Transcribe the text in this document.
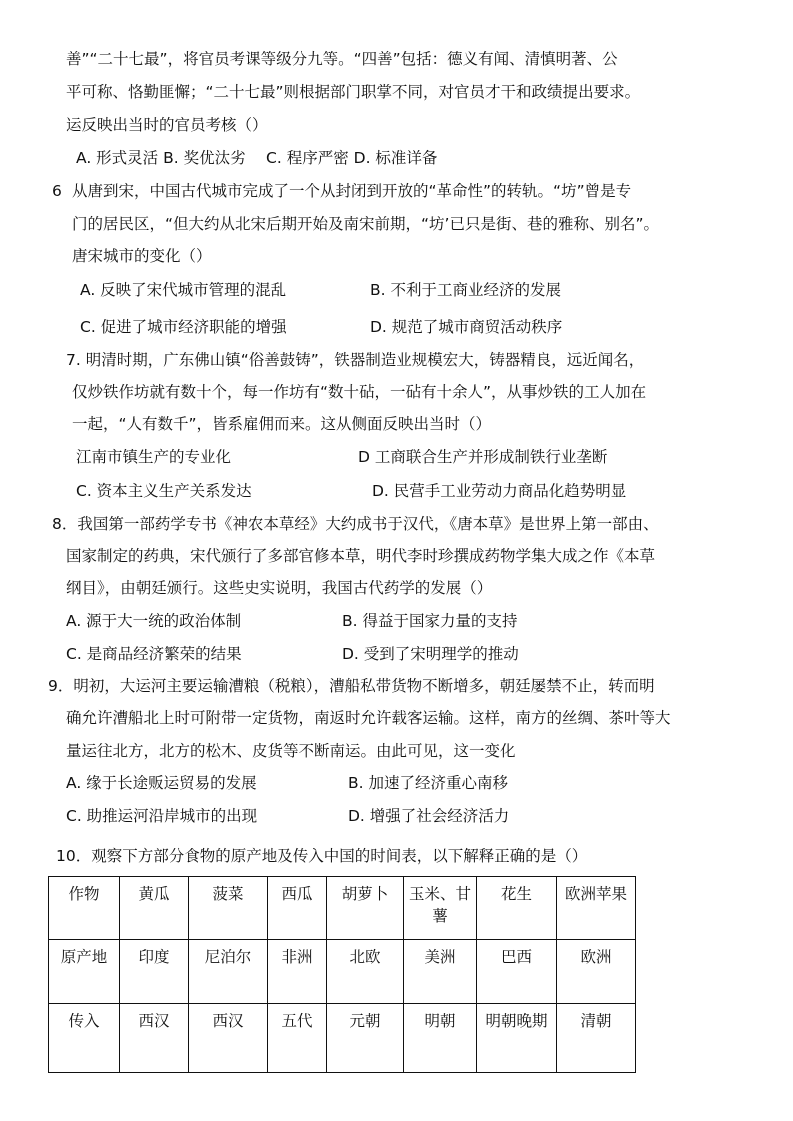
善”“二十七最”，将官员考课等级分九等。“四善”包括：德义有闻、清慎明著、公
平可称、恪勤匪懈；“二十七最”则根据部门职掌不同，对官员才干和政绩提出要求。
运反映出当时的官员考核（）
A. 形式灵活 B. 奖优汰劣　 C. 程序严密 D. 标准详备
6 从唐到宋，中国古代城市完成了一个从封闭到开放的“革命性”的转轨。“坊”曾是专
门的居民区，“但大约从北宋后期开始及南宋前期，“坊’已只是街、巷的雅称、别名”。
唐宋城市的变化（）
A. 反映了宋代城市管理的混乱	B. 不利于工商业经济的发展
C. 促进了城市经济职能的增强	D. 规范了城市商贸活动秩序
7. 明清时期，广东佛山镇“俗善鼓铸”，铁器制造业规模宏大，铸器精良，远近闻名，
仅炒铁作坊就有数十个，每一作坊有“数十砧，一砧有十余人”，从事炒铁的工人加在
一起，“人有数千”，皆系雇佣而来。这从侧面反映出当时（）
江南市镇生产的专业化	D 工商联合生产并形成制铁行业垄断
C. 资本主义生产关系发达	D. 民营手工业劳动力商品化趋势明显
8．我国第一部药学专书《神农本草经》大约成书于汉代，《唐本草》是世界上第一部由、
国家制定的药典，宋代颁行了多部官修本草，明代李时珍撰成药物学集大成之作《本草
纲目》，由朝廷颁行。这些史实说明，我国古代药学的发展（）
A. 源于大一统的政治体制	B. 得益于国家力量的支持
C. 是商品经济繁荣的结果	D. 受到了宋明理学的推动
9．明初，大运河主要运输漕粮（税粮），漕船私带货物不断增多，朝廷屡禁不止，转而明
确允许漕船北上时可附带一定货物，南返时允许载客运输。这样，南方的丝绸、茶叶等大
量运往北方，北方的松木、皮货等不断南运。由此可见，这一变化
A. 缘于长途贩运贸易的发展	B. 加速了经济重心南移
C. 助推运河沿岸城市的出现	D. 增强了社会经济活力
10．观察下方部分食物的原产地及传入中国的时间表，以下解释正确的是（）
作物	黄瓜	菠菜	西瓜	胡萝卜	玉米、甘薯	花生	欧洲苹果
原产地	印度	尼泊尔	非洲	北欧	美洲	巴西	欧洲
传入	西汉	西汉	五代	元朝	明朝	明朝晚期	清朝
